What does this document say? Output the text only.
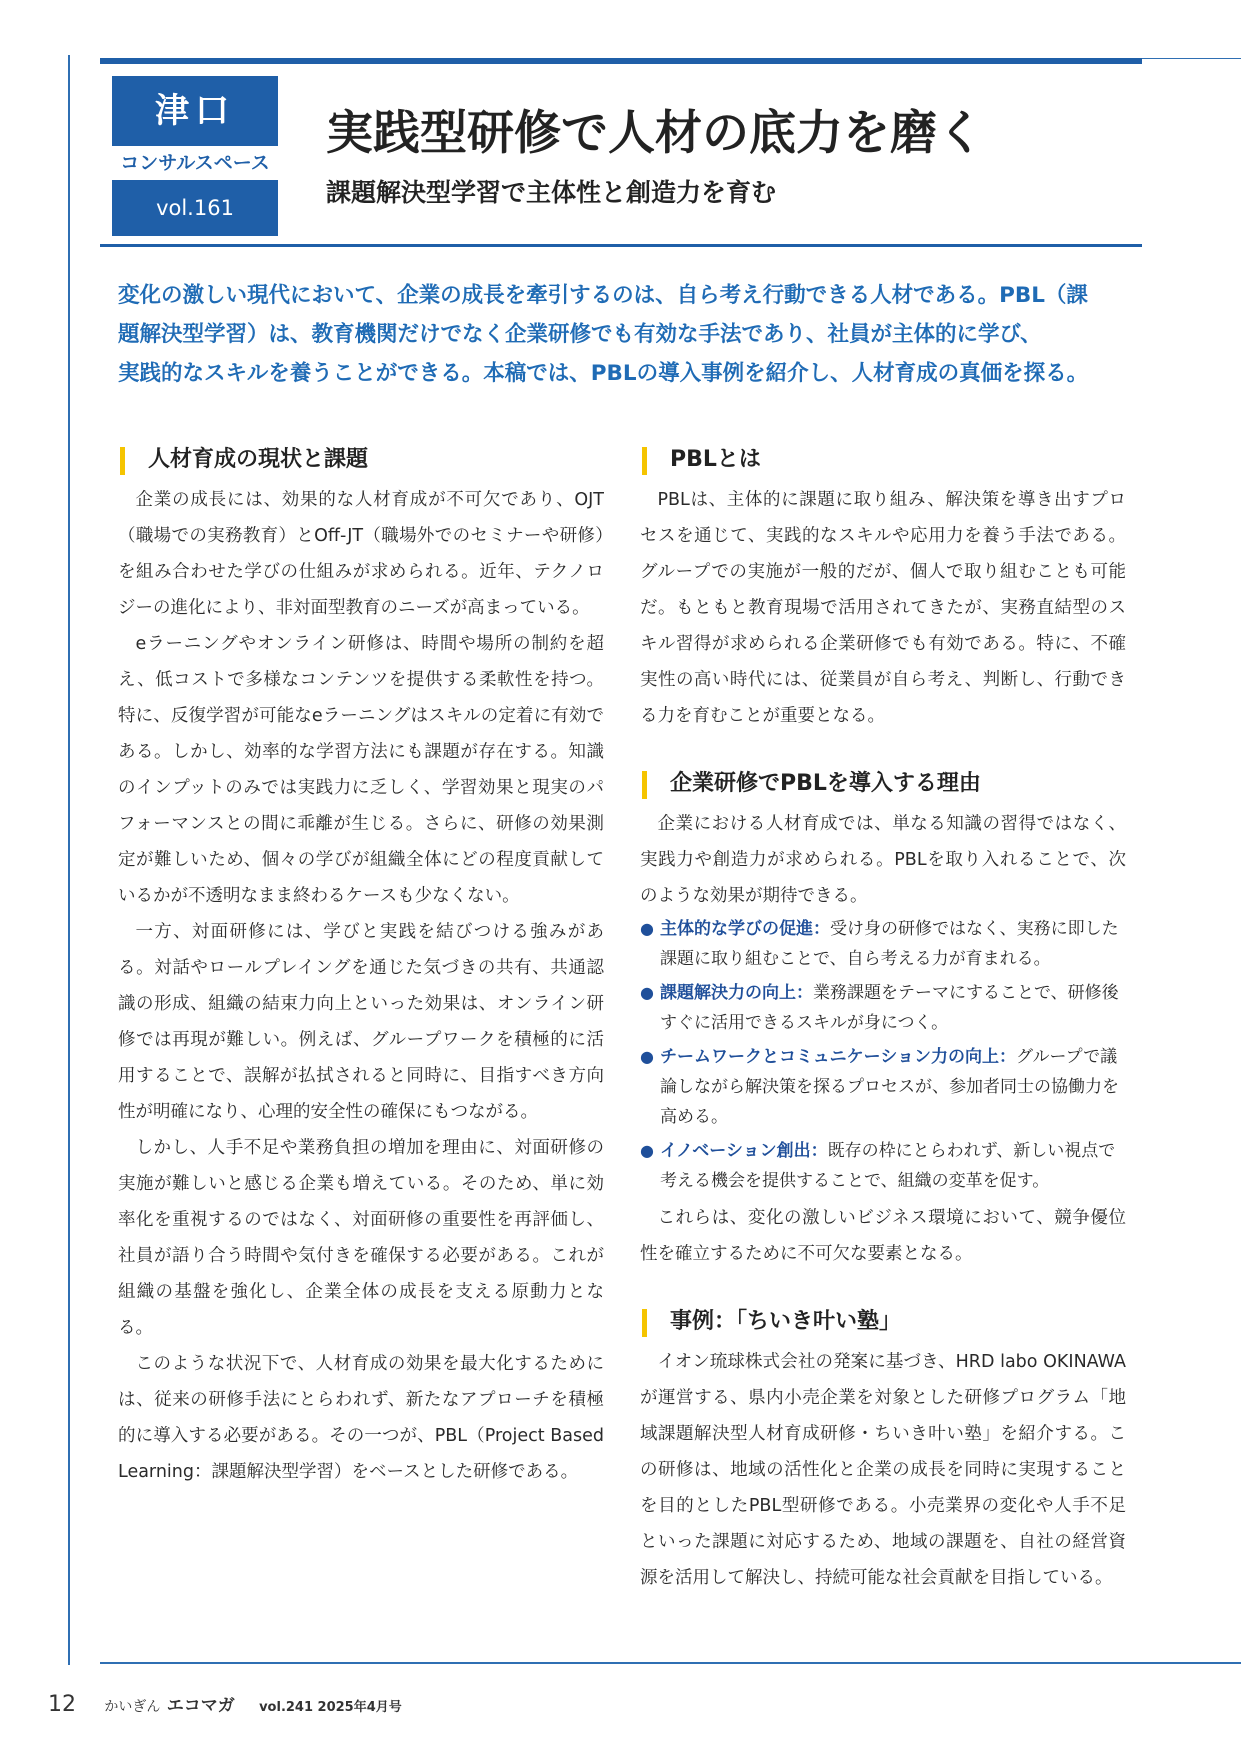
津口
コンサルスペース
vol.161
実践型研修で人材の底力を磨く
課題解決型学習で主体性と創造力を育む
変化の激しい現代において、企業の成長を牽引するのは、自ら考え行動できる人材である。PBL（課
題解決型学習）は、教育機関だけでなく企業研修でも有効な手法であり、社員が主体的に学び、
実践的なスキルを養うことができる。本稿では、PBLの導入事例を紹介し、人材育成の真価を探る。
人材育成の現状と課題
企業の成長には、効果的な人材育成が不可欠であり、OJT（職場での実務教育）とOff-JT（職場外でのセミナーや研修）を組み合わせた学びの仕組みが求められる。近年、テクノロジーの進化により、非対面型教育のニーズが高まっている。
eラーニングやオンライン研修は、時間や場所の制約を超え、低コストで多様なコンテンツを提供する柔軟性を持つ。特に、反復学習が可能なeラーニングはスキルの定着に有効である。しかし、効率的な学習方法にも課題が存在する。知識のインプットのみでは実践力に乏しく、学習効果と現実のパフォーマンスとの間に乖離が生じる。さらに、研修の効果測定が難しいため、個々の学びが組織全体にどの程度貢献しているかが不透明なまま終わるケースも少なくない。
一方、対面研修には、学びと実践を結びつける強みがある。対話やロールプレイングを通じた気づきの共有、共通認識の形成、組織の結束力向上といった効果は、オンライン研修では再現が難しい。例えば、グループワークを積極的に活用することで、誤解が払拭されると同時に、目指すべき方向性が明確になり、心理的安全性の確保にもつながる。
しかし、人手不足や業務負担の増加を理由に、対面研修の実施が難しいと感じる企業も増えている。そのため、単に効率化を重視するのではなく、対面研修の重要性を再評価し、社員が語り合う時間や気付きを確保する必要がある。これが組織の基盤を強化し、企業全体の成長を支える原動力となる。
このような状況下で、人材育成の効果を最大化するためには、従来の研修手法にとらわれず、新たなアプローチを積極的に導入する必要がある。その一つが、PBL（Project Based Learning：課題解決型学習）をベースとした研修である。
PBLとは
PBLは、主体的に課題に取り組み、解決策を導き出すプロセスを通じて、実践的なスキルや応用力を養う手法である。グループでの実施が一般的だが、個人で取り組むことも可能だ。もともと教育現場で活用されてきたが、実務直結型のスキル習得が求められる企業研修でも有効である。特に、不確実性の高い時代には、従業員が自ら考え、判断し、行動できる力を育むことが重要となる。
企業研修でPBLを導入する理由
企業における人材育成では、単なる知識の習得ではなく、実践力や創造力が求められる。PBLを取り入れることで、次のような効果が期待できる。
● 主体的な学びの促進：受け身の研修ではなく、実務に即した課題に取り組むことで、自ら考える力が育まれる。
● 課題解決力の向上：業務課題をテーマにすることで、研修後すぐに活用できるスキルが身につく。
● チームワークとコミュニケーション力の向上：グループで議論しながら解決策を探るプロセスが、参加者同士の協働力を高める。
● イノベーション創出：既存の枠にとらわれず、新しい視点で考える機会を提供することで、組織の変革を促す。
これらは、変化の激しいビジネス環境において、競争優位性を確立するために不可欠な要素となる。
事例：「ちいき叶い塾」
イオン琉球株式会社の発案に基づき、HRD labo OKINAWAが運営する、県内小売企業を対象とした研修プログラム「地域課題解決型人材育成研修・ちいき叶い塾」を紹介する。この研修は、地域の活性化と企業の成長を同時に実現することを目的としたPBL型研修である。小売業界の変化や人手不足といった課題に対応するため、地域の課題を、自社の経営資源を活用して解決し、持続可能な社会貢献を目指している。
12 かいぎん エコマガ vol.241 2025年4月号
